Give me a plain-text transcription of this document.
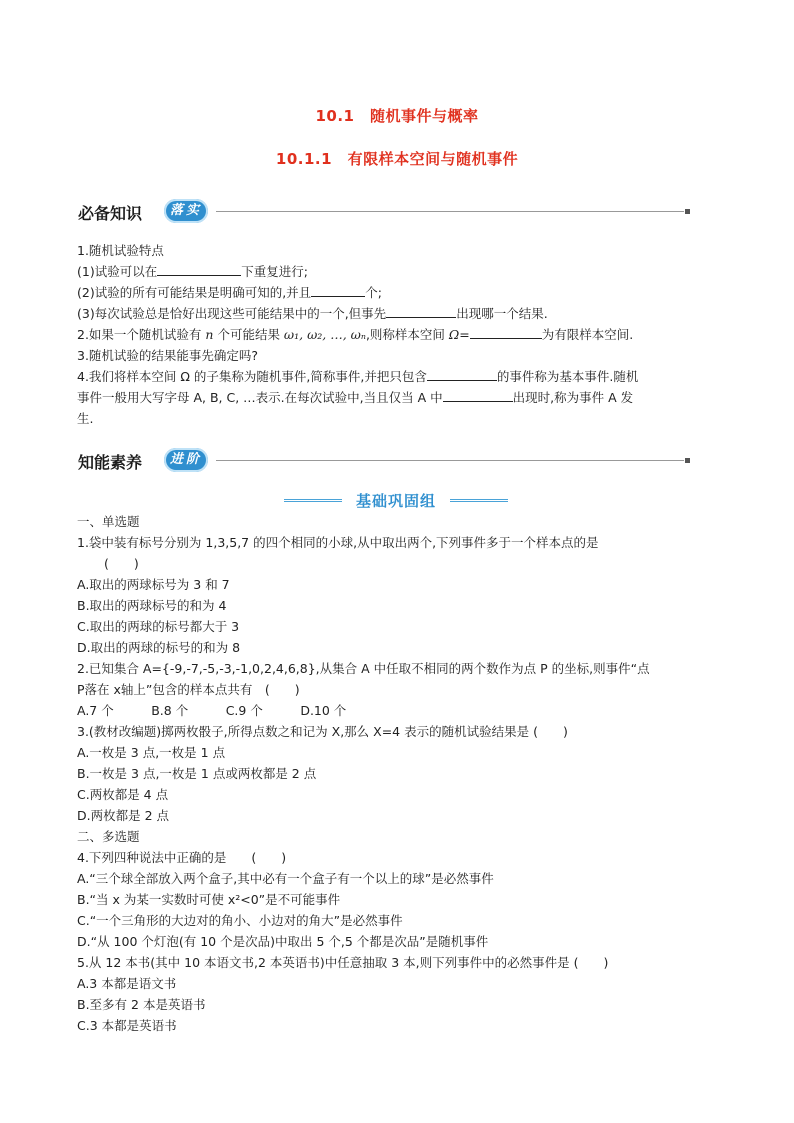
10.1　随机事件与概率
10.1.1　有限样本空间与随机事件
必备知识	落实
1.随机试验特点
(1)试验可以在	下重复进行;
(2)试验的所有可能结果是明确可知的,并且	个;
(3)每次试验总是恰好出现这些可能结果中的一个,但事先	出现哪一个结果.
2.如果一个随机试验有 n 个可能结果 ω₁, ω₂, …, ωₙ,则称样本空间 Ω=	为有限样本空间.
3.随机试验的结果能事先确定吗?
4.我们将样本空间 Ω 的子集称为随机事件,简称事件,并把只包含	的事件称为基本事件.随机
事件一般用大写字母 A, B, C, …表示.在每次试验中,当且仅当 A 中	出现时,称为事件 A 发
生.
知能素养	进阶
基础巩固组
一、单选题
1.袋中装有标号分别为 1,3,5,7 的四个相同的小球,从中取出两个,下列事件多于一个样本点的是
(　　)
A.取出的两球标号为 3 和 7
B.取出的两球标号的和为 4
C.取出的两球的标号都大于 3
D.取出的两球的标号的和为 8
2.已知集合 A={-9,-7,-5,-3,-1,0,2,4,6,8},从集合 A 中任取不相同的两个数作为点 P 的坐标,则事件“点
P落在 x轴上”包含的样本点共有　(　　)
A.7 个　　　B.8 个　　　C.9 个　　　D.10 个
3.(教材改编题)掷两枚骰子,所得点数之和记为 X,那么 X=4 表示的随机试验结果是 (　　)
A.一枚是 3 点,一枚是 1 点
B.一枚是 3 点,一枚是 1 点或两枚都是 2 点
C.两枚都是 4 点
D.两枚都是 2 点
二、多选题
4.下列四种说法中正确的是　　(　　)
A.“三个球全部放入两个盒子,其中必有一个盒子有一个以上的球”是必然事件
B.“当 x 为某一实数时可使 x²<0”是不可能事件
C.“一个三角形的大边对的角小、小边对的角大”是必然事件
D.“从 100 个灯泡(有 10 个是次品)中取出 5 个,5 个都是次品”是随机事件
5.从 12 本书(其中 10 本语文书,2 本英语书)中任意抽取 3 本,则下列事件中的必然事件是 (　　)
A.3 本都是语文书
B.至多有 2 本是英语书
C.3 本都是英语书
